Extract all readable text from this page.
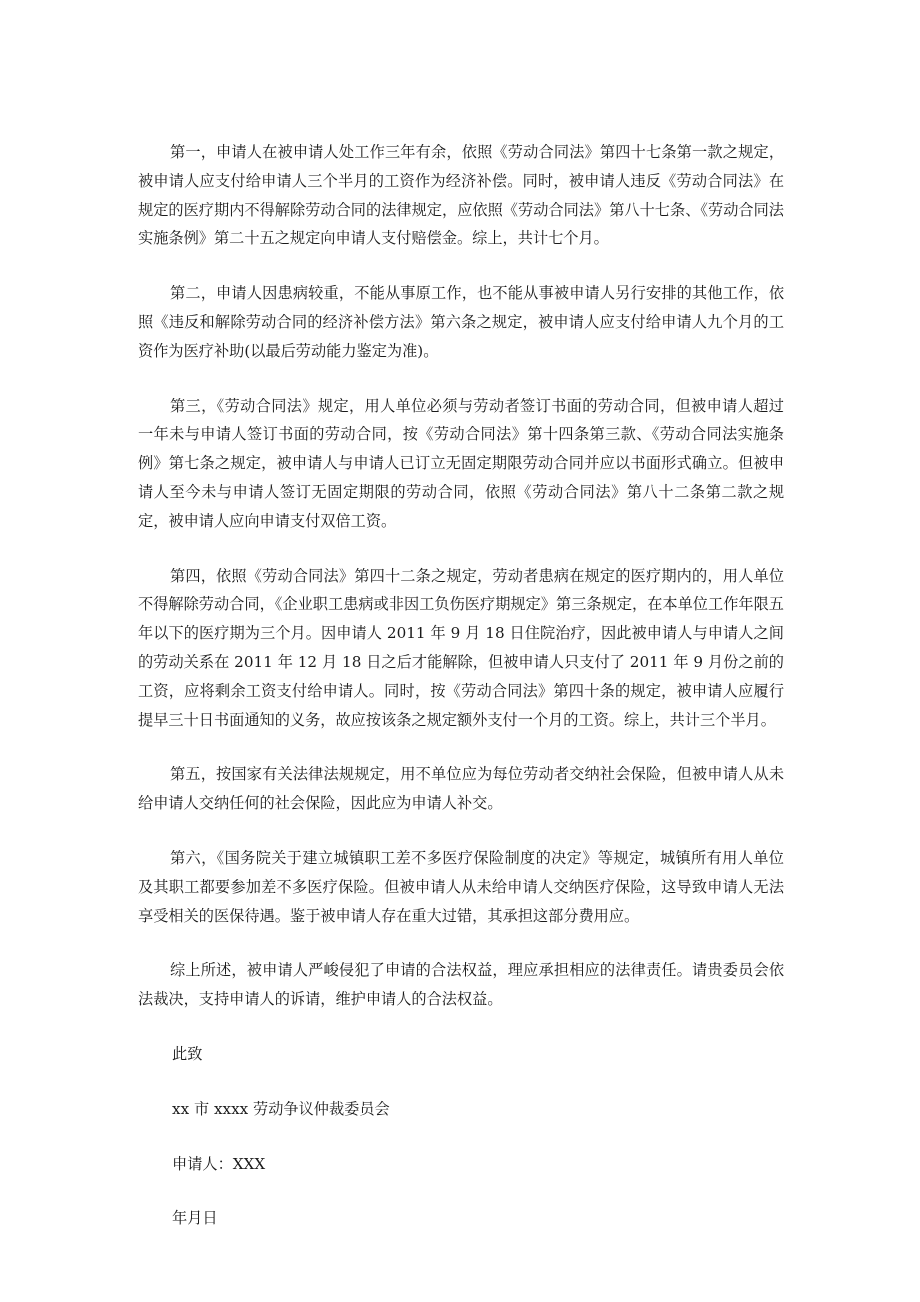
第一，申请人在被申请人处工作三年有余，依照《劳动合同法》第四十七条第一款之规定，被申请人应支付给申请人三个半月的工资作为经济补偿。同时，被申请人违反《劳动合同法》在规定的医疗期内不得解除劳动合同的法律规定，应依照《劳动合同法》第八十七条、《劳动合同法实施条例》第二十五之规定向申请人支付赔偿金。综上，共计七个月。

第二，申请人因患病较重，不能从事原工作，也不能从事被申请人另行安排的其他工作，依照《违反和解除劳动合同的经济补偿方法》第六条之规定，被申请人应支付给申请人九个月的工资作为医疗补助(以最后劳动能力鉴定为准)。

第三，《劳动合同法》规定，用人单位必须与劳动者签订书面的劳动合同，但被申请人超过一年未与申请人签订书面的劳动合同，按《劳动合同法》第十四条第三款、《劳动合同法实施条例》第七条之规定，被申请人与申请人已订立无固定期限劳动合同并应以书面形式确立。但被申请人至今未与申请人签订无固定期限的劳动合同，依照《劳动合同法》第八十二条第二款之规定，被申请人应向申请支付双倍工资。

第四，依照《劳动合同法》第四十二条之规定，劳动者患病在规定的医疗期内的，用人单位不得解除劳动合同，《企业职工患病或非因工负伤医疗期规定》第三条规定，在本单位工作年限五年以下的医疗期为三个月。因申请人 2011 年 9 月 18 日住院治疗，因此被申请人与申请人之间的劳动关系在 2011 年 12 月 18 日之后才能解除，但被申请人只支付了 2011 年 9 月份之前的工资，应将剩余工资支付给申请人。同时，按《劳动合同法》第四十条的规定，被申请人应履行提早三十日书面通知的义务，故应按该条之规定额外支付一个月的工资。综上，共计三个半月。

第五，按国家有关法律法规规定，用不单位应为每位劳动者交纳社会保险，但被申请人从未给申请人交纳任何的社会保险，因此应为申请人补交。

第六，《国务院关于建立城镇职工差不多医疗保险制度的决定》等规定，城镇所有用人单位及其职工都要参加差不多医疗保险。但被申请人从未给申请人交纳医疗保险，这导致申请人无法享受相关的医保待遇。鉴于被申请人存在重大过错，其承担这部分费用应。

综上所述，被申请人严峻侵犯了申请的合法权益，理应承担相应的法律责任。请贵委员会依法裁决，支持申请人的诉请，维护申请人的合法权益。

此致

xx 市 xxxx 劳动争议仲裁委员会

申请人：XXX

年月日
